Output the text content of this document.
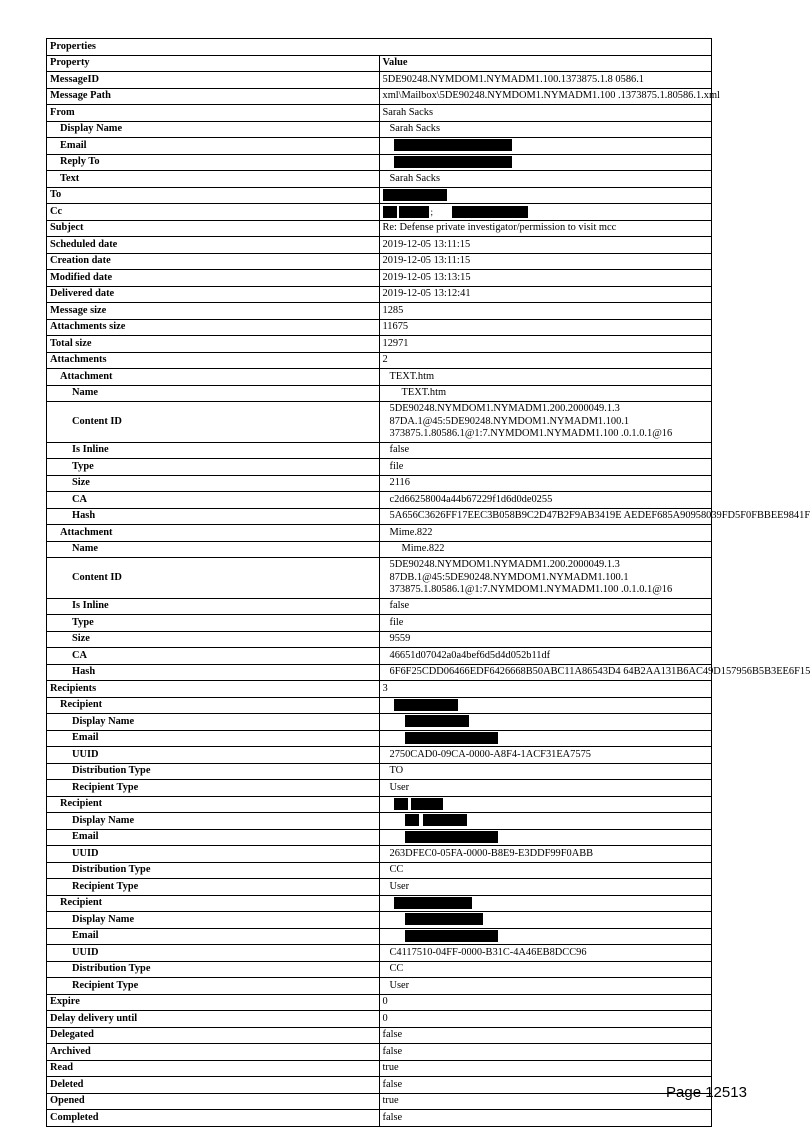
Properties	
Property	Value
MessageID	5DE90248.NYMDOM1.NYMADM1.100.1373875.1.8 0586.1
Message Path	xml\Mailbox\5DE90248.NYMDOM1.NYMADM1.100 .1373875.1.80586.1.xml
From	Sarah Sacks
Display Name	Sarah Sacks
Email	
Reply To	
Text	Sarah Sacks
To	
Cc	;
Subject	Re: Defense private investigator/permission to visit mcc
Scheduled date	2019-12-05 13:11:15
Creation date	2019-12-05 13:11:15
Modified date	2019-12-05 13:13:15
Delivered date	2019-12-05 13:12:41
Message size	1285
Attachments size	11675
Total size	12971
Attachments	2
Attachment	TEXT.htm
Name	TEXT.htm
Content ID	5DE90248.NYMDOM1.NYMADM1.200.2000049.1.3
87DA.1@45:5DE90248.NYMDOM1.NYMADM1.100.1
373875.1.80586.1@1:7.NYMDOM1.NYMADM1.100 .0.1.0.1@16

Is Inline	false
Type	file
Size	2116
CA	c2d66258004a44b67229f1d6d0de0255
Hash	5A656C3626FF17EEC3B058B9C2D47B2F9AB3419E AEDEF685A90958039FD5F0FBBEE9841F
Attachment	Mime.822
Name	Mime.822
Content ID	5DE90248.NYMDOM1.NYMADM1.200.2000049.1.3
87DB.1@45:5DE90248.NYMDOM1.NYMADM1.100.1
373875.1.80586.1@1:7.NYMDOM1.NYMADM1.100 .0.1.0.1@16

Is Inline	false
Type	file
Size	9559
CA	46651d07042a0a4bef6d5d4d052b11df
Hash	6F6F25CDD06466EDF6426668B50ABC11A86543D4 64B2AA131B6AC49D157956B5B3EE6F15
Recipients	3
Recipient	
Display Name	
Email	
UUID	2750CAD0-09CA-0000-A8F4-1ACF31EA7575
Distribution Type	TO
Recipient Type	User
Recipient	
Display Name	
Email	
UUID	263DFEC0-05FA-0000-B8E9-E3DDF99F0ABB
Distribution Type	CC
Recipient Type	User
Recipient	
Display Name	
Email	
UUID	C4117510-04FF-0000-B31C-4A46EB8DCC96
Distribution Type	CC
Recipient Type	User
Expire	0
Delay delivery until	0
Delegated	false
Archived	false
Read	true
Deleted	false
Opened	true
Completed	false
Page 12513
